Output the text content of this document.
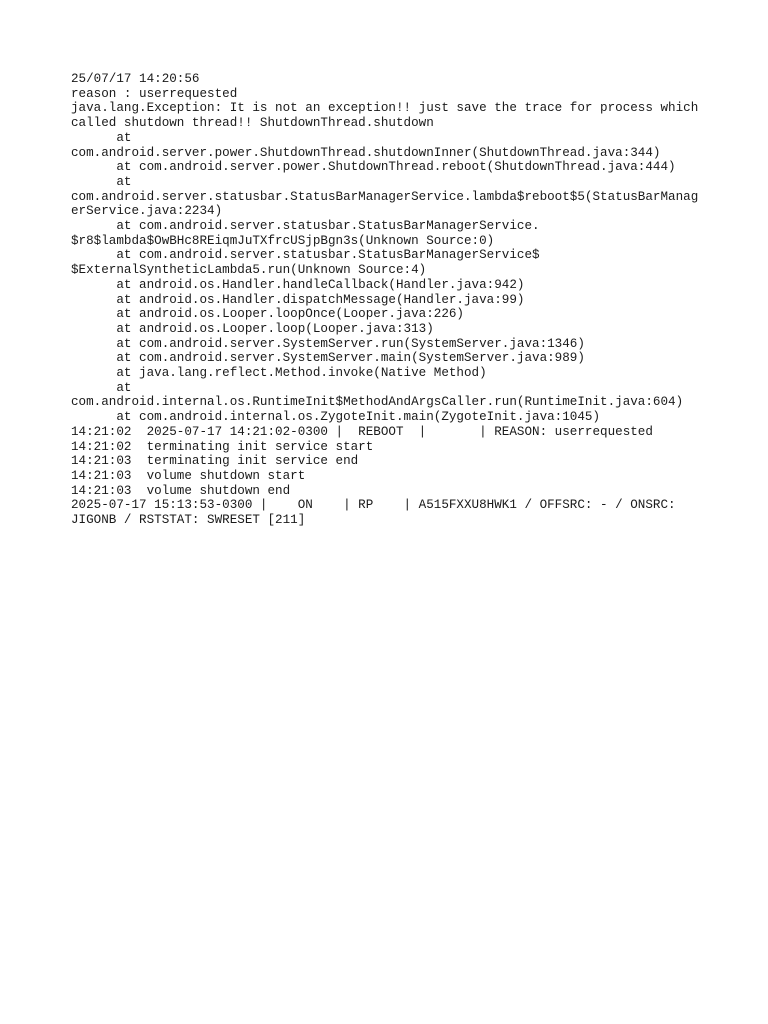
25/07/17 14:20:56

reason : userrequested

java.lang.Exception: It is not an exception!! just save the trace for process which

called shutdown thread!! ShutdownThread.shutdown

at

com.android.server.power.ShutdownThread.shutdownInner(ShutdownThread.java:344)

at com.android.server.power.ShutdownThread.reboot(ShutdownThread.java:444)

at

com.android.server.statusbar.StatusBarManagerService.lambda$reboot$5(StatusBarManag

erService.java:2234)

at com.android.server.statusbar.StatusBarManagerService.

$r8$lambda$OwBHc8REiqmJuTXfrcUSjpBgn3s(Unknown Source:0)

at com.android.server.statusbar.StatusBarManagerService$

$ExternalSyntheticLambda5.run(Unknown Source:4)

at android.os.Handler.handleCallback(Handler.java:942)

at android.os.Handler.dispatchMessage(Handler.java:99)

at android.os.Looper.loopOnce(Looper.java:226)

at android.os.Looper.loop(Looper.java:313)

at com.android.server.SystemServer.run(SystemServer.java:1346)

at com.android.server.SystemServer.main(SystemServer.java:989)

at java.lang.reflect.Method.invoke(Native Method)

at

com.android.internal.os.RuntimeInit$MethodAndArgsCaller.run(RuntimeInit.java:604)

at com.android.internal.os.ZygoteInit.main(ZygoteInit.java:1045)

14:21:02  2025-07-17 14:21:02-0300 |  REBOOT  |       | REASON: userrequested

14:21:02  terminating init service start

14:21:03  terminating init service end

14:21:03  volume shutdown start

14:21:03  volume shutdown end

2025-07-17 15:13:53-0300 |    ON    | RP    | A515FXXU8HWK1 / OFFSRC: - / ONSRC:

JIGONB / RSTSTAT: SWRESET [211]
